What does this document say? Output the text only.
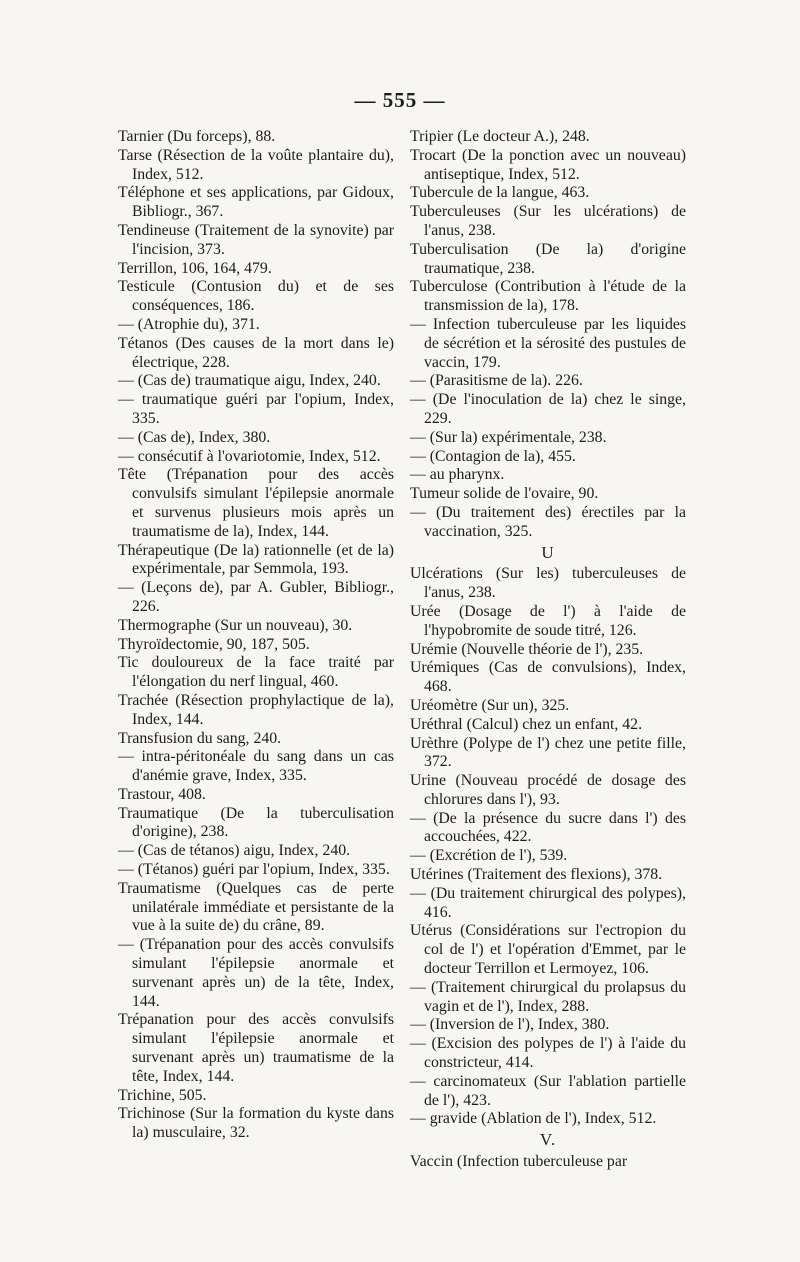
— 555 —

Tarnier (Du forceps), 88.

Tarse (Résection de la voûte plantaire du), Index, 512.

Téléphone et ses applications, par Gidoux, Bibliogr., 367.

Tendineuse (Traitement de la synovite) par l'incision, 373.

Terrillon, 106, 164, 479.

Testicule (Contusion du) et de ses conséquences, 186.

— (Atrophie du), 371.

Tétanos (Des causes de la mort dans le) électrique, 228.

— (Cas de) traumatique aigu, Index, 240.

— traumatique guéri par l'opium, Index, 335.

— (Cas de), Index, 380.

— consécutif à l'ovariotomie, Index, 512.

Tête (Trépanation pour des accès convulsifs simulant l'épilepsie anormale et survenus plusieurs mois après un traumatisme de la), Index, 144.

Thérapeutique (De la) rationnelle (et de la) expérimentale, par Semmola, 193.

— (Leçons de), par A. Gubler, Bibliogr., 226.

Thermographe (Sur un nouveau), 30.

Thyroïdectomie, 90, 187, 505.

Tic douloureux de la face traité par l'élongation du nerf lingual, 460.

Trachée (Résection prophylactique de la), Index, 144.

Transfusion du sang, 240.

— intra-péritonéale du sang dans un cas d'anémie grave, Index, 335.

Trastour, 408.

Traumatique (De la tuberculisation d'origine), 238.

— (Cas de tétanos) aigu, Index, 240.

— (Tétanos) guéri par l'opium, Index, 335.

Traumatisme (Quelques cas de perte unilatérale immédiate et persistante de la vue à la suite de) du crâne, 89.

— (Trépanation pour des accès convulsifs simulant l'épilepsie anormale et survenant après un) de la tête, Index, 144.

Trépanation pour des accès convulsifs simulant l'épilepsie anormale et survenant après un) traumatisme de la tête, Index, 144.

Trichine, 505.

Trichinose (Sur la formation du kyste dans la) musculaire, 32.

Tripier (Le docteur A.), 248.

Trocart (De la ponction avec un nouveau) antiseptique, Index, 512.

Tubercule de la langue, 463.

Tuberculeuses (Sur les ulcérations) de l'anus, 238.

Tuberculisation (De la) d'origine traumatique, 238.

Tuberculose (Contribution à l'étude de la transmission de la), 178.

— Infection tuberculeuse par les liquides de sécrétion et la sérosité des pustules de vaccin, 179.

— (Parasitisme de la). 226.

— (De l'inoculation de la) chez le singe, 229.

— (Sur la) expérimentale, 238.

— (Contagion de la), 455.

— au pharynx.

Tumeur solide de l'ovaire, 90.

— (Du traitement des) érectiles par la vaccination, 325.

U

Ulcérations (Sur les) tuberculeuses de l'anus, 238.

Urée (Dosage de l') à l'aide de l'hypobromite de soude titré, 126.

Urémie (Nouvelle théorie de l'), 235.

Urémiques (Cas de convulsions), Index, 468.

Uréomètre (Sur un), 325.

Uréthral (Calcul) chez un enfant, 42.

Urèthre (Polype de l') chez une petite fille, 372.

Urine (Nouveau procédé de dosage des chlorures dans l'), 93.

— (De la présence du sucre dans l') des accouchées, 422.

— (Excrétion de l'), 539.

Utérines (Traitement des flexions), 378.

— (Du traitement chirurgical des polypes), 416.

Utérus (Considérations sur l'ectropion du col de l') et l'opération d'Emmet, par le docteur Terrillon et Lermoyez, 106.

— (Traitement chirurgical du prolapsus du vagin et de l'), Index, 288.

— (Inversion de l'), Index, 380.

— (Excision des polypes de l') à l'aide du constricteur, 414.

— carcinomateux (Sur l'ablation partielle de l'), 423.

— gravide (Ablation de l'), Index, 512.

V.

Vaccin (Infection tuberculeuse par
